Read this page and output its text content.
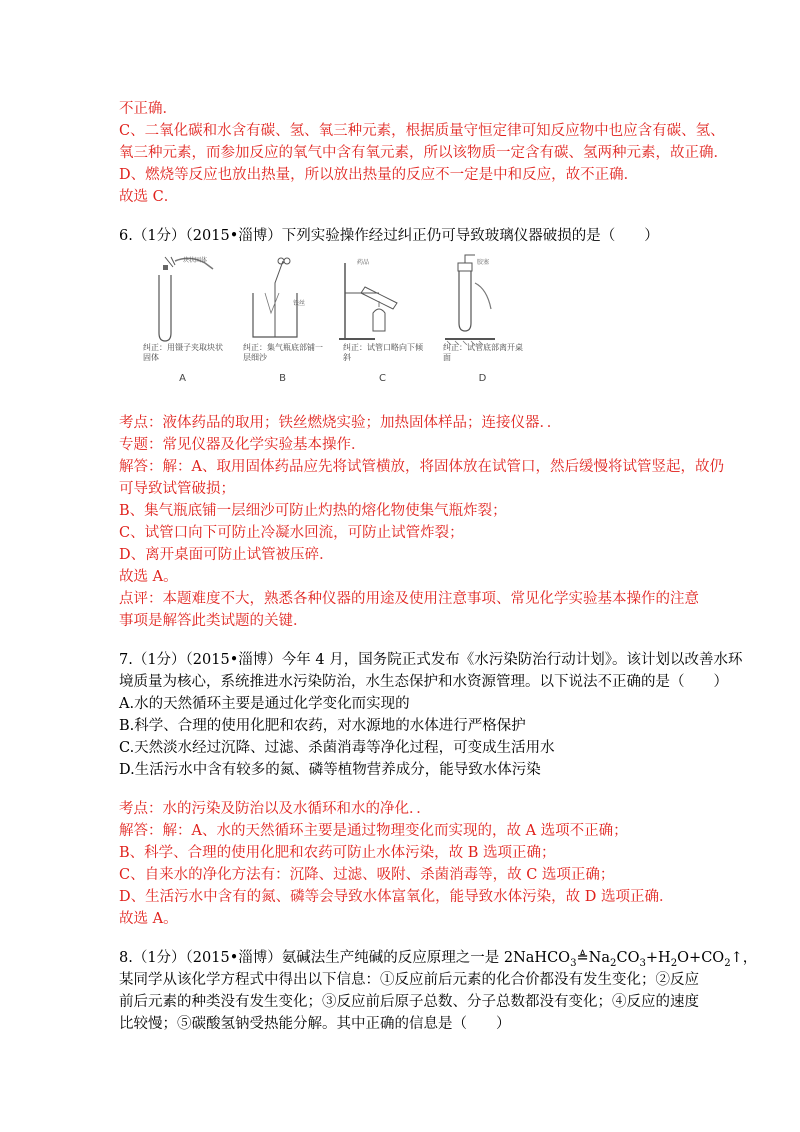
不正确．
C、二氧化碳和水含有碳、氢、氧三种元素，根据质量守恒定律可知反应物中也应含有碳、氢、
氧三种元素，而参加反应的氧气中含有氧元素，所以该物质一定含有碳、氢两种元素，故正确．
D、燃烧等反应也放出热量，所以放出热量的反应不一定是中和反应，故不正确．
故选 C．
6.（1分）（2015•淄博）下列实验操作经过纠正仍可导致玻璃仪器破损的是（　　）
块状固体
纠正：用镊子夹取块状固体
A
铁丝
纠正：集气瓶底部铺一层细沙
B
药品
纠正：试管口略向下倾斜
C
胶塞
纠正：试管底部离开桌面
D
考点：液体药品的取用；铁丝燃烧实验；加热固体样品；连接仪器．．
专题：常见仪器及化学实验基本操作．
解答：解：A、取用固体药品应先将试管横放，将固体放在试管口，然后缓慢将试管竖起，故仍
可导致试管破损；
B、集气瓶底铺一层细沙可防止灼热的熔化物使集气瓶炸裂；
C、试管口向下可防止冷凝水回流，可防止试管炸裂；
D、离开桌面可防止试管被压碎．
故选 A。
点评：本题难度不大，熟悉各种仪器的用途及使用注意事项、常见化学实验基本操作的注意
事项是解答此类试题的关键．
7.（1分）（2015•淄博）今年 4 月，国务院正式发布《水污染防治行动计划》。该计划以改善水环
境质量为核心，系统推进水污染防治，水生态保护和水资源管理。以下说法不正确的是（　　）
A.水的天然循环主要是通过化学变化而实现的
B.科学、合理的使用化肥和农药，对水源地的水体进行严格保护
C.天然淡水经过沉降、过滤、杀菌消毒等净化过程，可变成生活用水
D.生活污水中含有较多的氮、磷等植物营养成分，能导致水体污染
考点：水的污染及防治以及水循环和水的净化．．
解答：解：A、水的天然循环主要是通过物理变化而实现的，故 A 选项不正确；
B、科学、合理的使用化肥和农药可防止水体污染，故 B 选项正确；
C、自来水的净化方法有：沉降、过滤、吸附、杀菌消毒等，故 C 选项正确；
D、生活污水中含有的氮、磷等会导致水体富氧化，能导致水体污染，故 D 选项正确．
故选 A。
8.（1分）（2015•淄博）氨碱法生产纯碱的反应原理之一是 $2NaHCO_3≜Na_2CO_3+H_2O+CO_2↑$，
某同学从该化学方程式中得出以下信息：①反应前后元素的化合价都没有发生变化；②反应
前后元素的种类没有发生变化；③反应前后原子总数、分子总数都没有变化；④反应的速度
比较慢；⑤碳酸氢钠受热能分解。其中正确的信息是（　　）
